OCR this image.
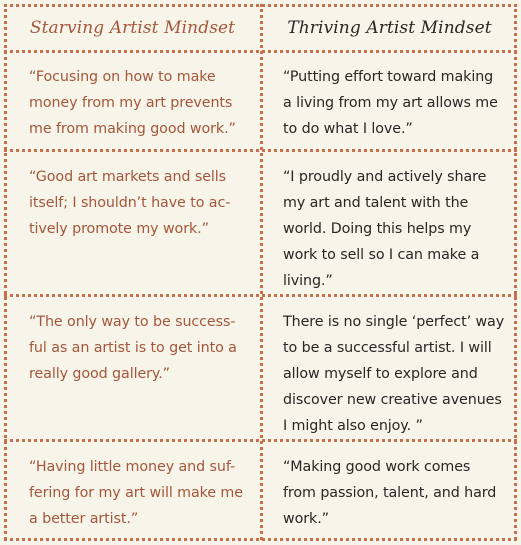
Starving Artist Mindset	Thriving Artist Mindset
“Focusing on how to make
money from my art prevents
me from making good work.”
“Putting effort toward making
a living from my art allows me
to do what I love.”
“Good art markets and sells
itself; I shouldn’t have to ac-
tively promote my work.”
“I proudly and actively share
my art and talent with the
world. Doing this helps my
work to sell so I can make a
living.”
“The only way to be success-
ful as an artist is to get into a
really good gallery.”
There is no single ‘perfect’ way
to be a successful artist. I will
allow myself to explore and
discover new creative avenues
I might also enjoy. ”
“Having little money and suf-
fering for my art will make me
a better artist.”
“Making good work comes
from passion, talent, and hard
work.”
